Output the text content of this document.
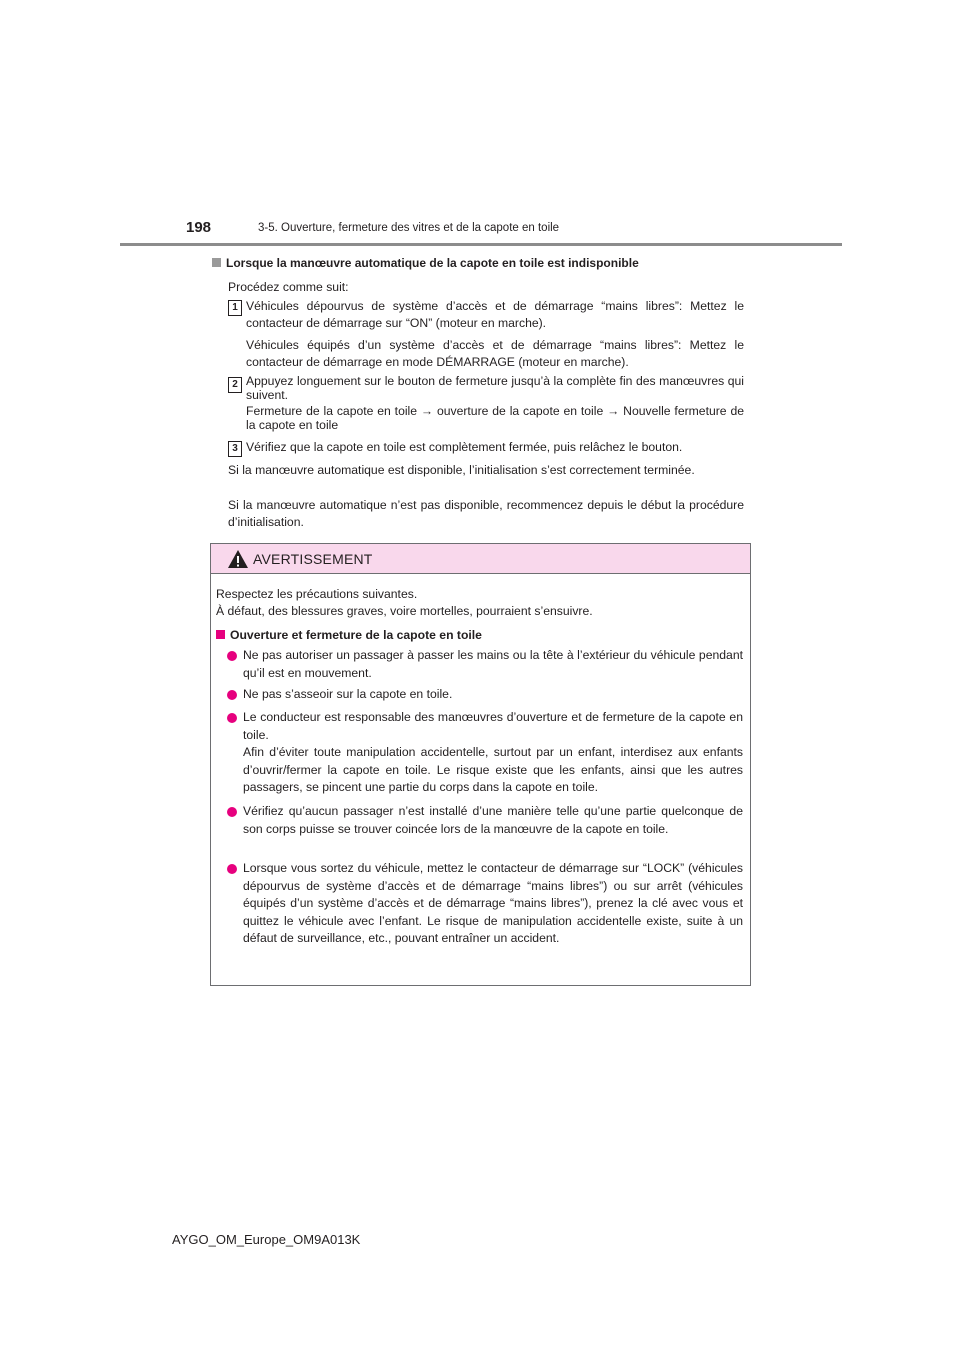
198	3-5. Ouverture, fermeture des vitres et de la capote en toile
Lorsque la manœuvre automatique de la capote en toile est indisponible
Procédez comme suit:
1 Véhicules dépourvus de système d’accès et de démarrage “mains libres”: Mettez le contacteur de démarrage sur “ON” (moteur en marche).
Véhicules équipés d’un système d’accès et de démarrage “mains libres”: Mettez le contacteur de démarrage en mode DÉMARRAGE (moteur en marche).
2 Appuyez longuement sur le bouton de fermeture jusqu’à la complète fin des manœuvres qui suivent.
Fermeture de la capote en toile → ouverture de la capote en toile → Nouvelle fermeture de la capote en toile
3 Vérifiez que la capote en toile est complètement fermée, puis relâchez le bouton.
Si la manœuvre automatique est disponible, l’initialisation s’est correctement terminée.
Si la manœuvre automatique n’est pas disponible, recommencez depuis le début la procédure d’initialisation.
AVERTISSEMENT
Respectez les précautions suivantes.
À défaut, des blessures graves, voire mortelles, pourraient s’ensuivre.
Ouverture et fermeture de la capote en toile
Ne pas autoriser un passager à passer les mains ou la tête à l’extérieur du véhicule pendant qu’il est en mouvement.
Ne pas s’asseoir sur la capote en toile.
Le conducteur est responsable des manœuvres d’ouverture et de fermeture de la capote en toile.
Afin d’éviter toute manipulation accidentelle, surtout par un enfant, interdisez aux enfants d’ouvrir/fermer la capote en toile. Le risque existe que les enfants, ainsi que les autres passagers, se pincent une partie du corps dans la capote en toile.
Vérifiez qu’aucun passager n’est installé d’une manière telle qu’une partie quelconque de son corps puisse se trouver coincée lors de la manœuvre de la capote en toile.
Lorsque vous sortez du véhicule, mettez le contacteur de démarrage sur “LOCK” (véhicules dépourvus de système d’accès et de démarrage “mains libres”) ou sur arrêt (véhicules équipés d’un système d’accès et de démarrage “mains libres”), prenez la clé avec vous et quittez le véhicule avec l’enfant. Le risque de manipulation accidentelle existe, suite à un défaut de surveillance, etc., pouvant entraîner un accident.
AYGO_OM_Europe_OM9A013K
